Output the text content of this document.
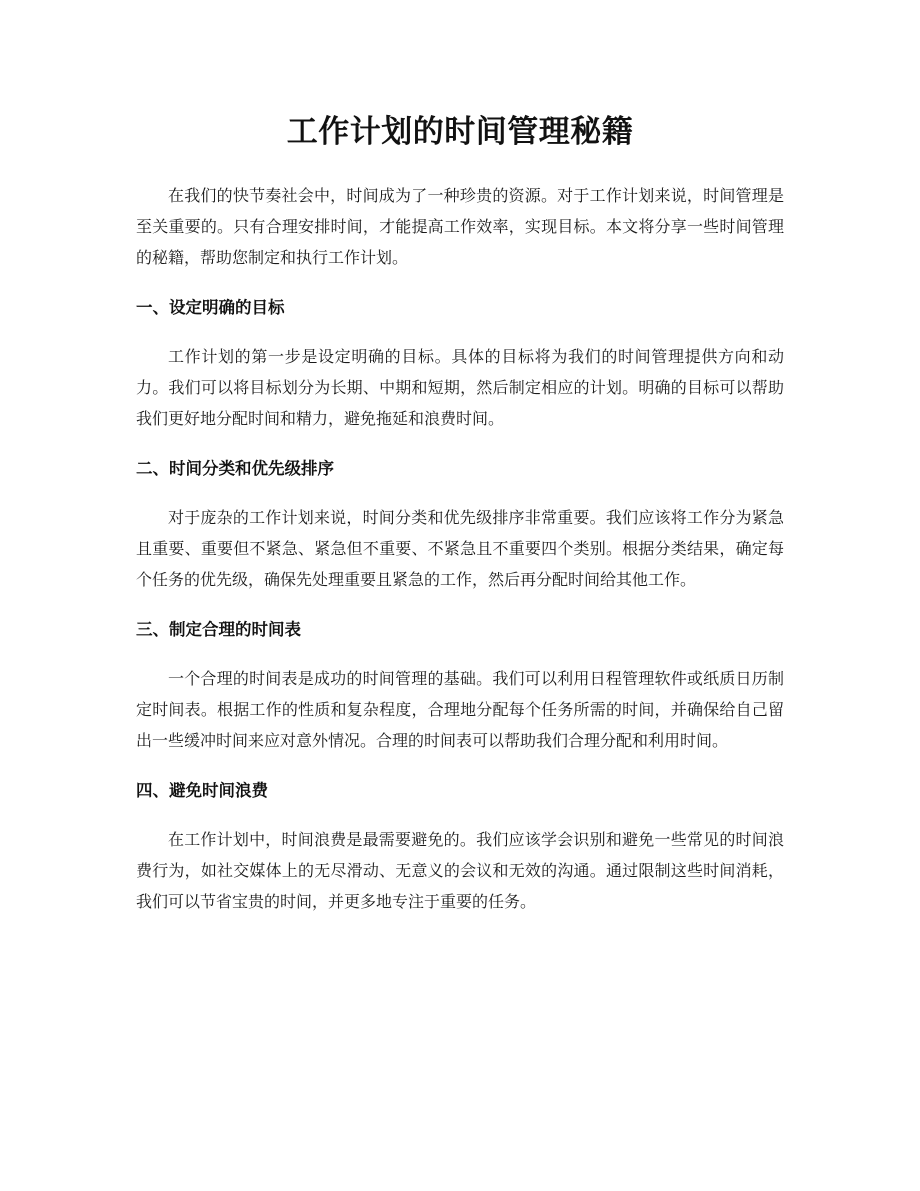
工作计划的时间管理秘籍

在我们的快节奏社会中，时间成为了一种珍贵的资源。对于工作计划来说，时间管理是至关重要的。只有合理安排时间，才能提高工作效率，实现目标。本文将分享一些时间管理的秘籍，帮助您制定和执行工作计划。

一、设定明确的目标

工作计划的第一步是设定明确的目标。具体的目标将为我们的时间管理提供方向和动力。我们可以将目标划分为长期、中期和短期，然后制定相应的计划。明确的目标可以帮助我们更好地分配时间和精力，避免拖延和浪费时间。

二、时间分类和优先级排序

对于庞杂的工作计划来说，时间分类和优先级排序非常重要。我们应该将工作分为紧急且重要、重要但不紧急、紧急但不重要、不紧急且不重要四个类别。根据分类结果，确定每个任务的优先级，确保先处理重要且紧急的工作，然后再分配时间给其他工作。

三、制定合理的时间表

一个合理的时间表是成功的时间管理的基础。我们可以利用日程管理软件或纸质日历制定时间表。根据工作的性质和复杂程度，合理地分配每个任务所需的时间，并确保给自己留出一些缓冲时间来应对意外情况。合理的时间表可以帮助我们合理分配和利用时间。

四、避免时间浪费

在工作计划中，时间浪费是最需要避免的。我们应该学会识别和避免一些常见的时间浪费行为，如社交媒体上的无尽滑动、无意义的会议和无效的沟通。通过限制这些时间消耗，我们可以节省宝贵的时间，并更多地专注于重要的任务。
